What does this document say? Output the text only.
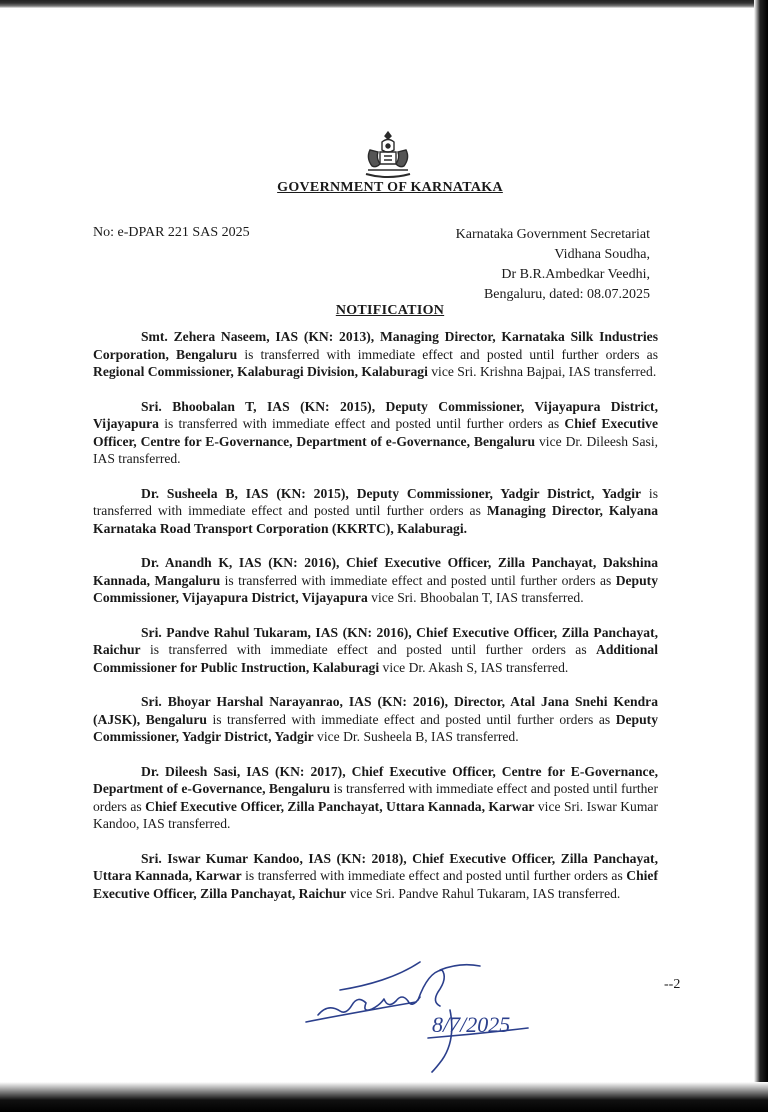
GOVERNMENT OF KARNATAKA
No: e-DPAR 221 SAS 2025	Karnataka Government Secretariat
Vidhana Soudha,
Dr B.R.Ambedkar Veedhi,
Bengaluru, dated: 08.07.2025
NOTIFICATION

Smt. Zehera Naseem, IAS (KN: 2013), Managing Director, Karnataka Silk Industries Corporation, Bengaluru is transferred with immediate effect and posted until further orders as Regional Commissioner, Kalaburagi Division, Kalaburagi vice Sri. Krishna Bajpai, IAS transferred.

Sri. Bhoobalan T, IAS (KN: 2015), Deputy Commissioner, Vijayapura District, Vijayapura is transferred with immediate effect and posted until further orders as Chief Executive Officer, Centre for E-Governance, Department of e-Governance, Bengaluru vice Dr. Dileesh Sasi, IAS transferred.

Dr. Susheela B, IAS (KN: 2015), Deputy Commissioner, Yadgir District, Yadgir is transferred with immediate effect and posted until further orders as Managing Director, Kalyana Karnataka Road Transport Corporation (KKRTC), Kalaburagi.

Dr. Anandh K, IAS (KN: 2016), Chief Executive Officer, Zilla Panchayat, Dakshina Kannada, Mangaluru is transferred with immediate effect and posted until further orders as Deputy Commissioner, Vijayapura District, Vijayapura vice Sri. Bhoobalan T, IAS transferred.

Sri. Pandve Rahul Tukaram, IAS (KN: 2016), Chief Executive Officer, Zilla Panchayat, Raichur is transferred with immediate effect and posted until further orders as Additional Commissioner for Public Instruction, Kalaburagi vice Dr. Akash S, IAS transferred.

Sri. Bhoyar Harshal Narayanrao, IAS (KN: 2016), Director, Atal Jana Snehi Kendra (AJSK), Bengaluru is transferred with immediate effect and posted until further orders as Deputy Commissioner, Yadgir District, Yadgir vice Dr. Susheela B, IAS transferred.

Dr. Dileesh Sasi, IAS (KN: 2017), Chief Executive Officer, Centre for E-Governance, Department of e-Governance, Bengaluru is transferred with immediate effect and posted until further orders as Chief Executive Officer, Zilla Panchayat, Uttara Kannada, Karwar vice Sri. Iswar Kumar Kandoo, IAS transferred.

Sri. Iswar Kumar Kandoo, IAS (KN: 2018), Chief Executive Officer, Zilla Panchayat, Uttara Kannada, Karwar is transferred with immediate effect and posted until further orders as Chief Executive Officer, Zilla Panchayat, Raichur vice Sri. Pandve Rahul Tukaram, IAS transferred.

--2
8/7/2025
